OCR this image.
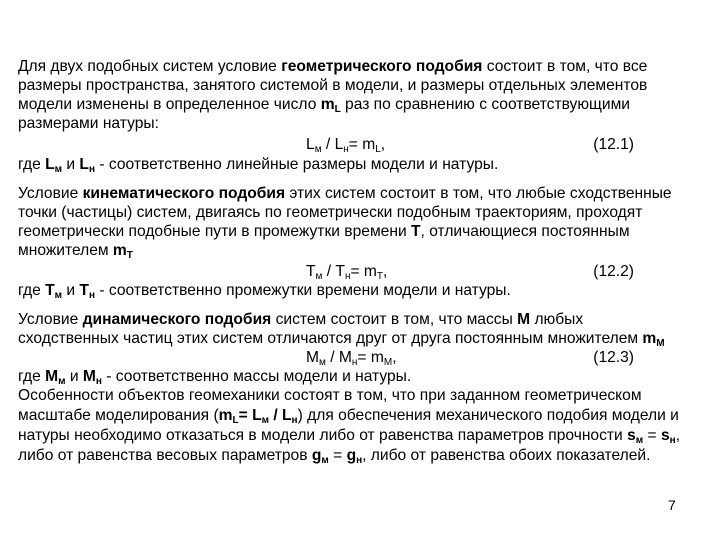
Для двух подобных систем условие геометрического подобия состоит в том, что все
размеры пространства, занятого системой в модели, и размеры отдельных элементов
модели изменены в определенное число $m_L$ раз по сравнению с соответствующими
размерами натуры:
$L_м / L_н= m_L$,	(12.1)
где $L_м$ и $L_н$ - соответственно линейные размеры модели и натуры.
Условие кинематического подобия этих систем состоит в том, что любые сходственные
точки (частицы) систем, двигаясь по геометрически подобным траекториям, проходят
геометрически подобные пути в промежутки времени T, отличающиеся постоянным
множителем $m_T$
$T_м / T_н= m_T$,	(12.2)
где $T_м$ и $T_н$ - соответственно промежутки времени модели и натуры.
Условие динамического подобия систем состоит в том, что массы M любых
сходственных частиц этих систем отличаются друг от друга постоянным множителем $m_M$
$M_м / M_н= m_M$,	(12.3)
где $M_м$ и $M_н$ - соответственно массы модели и натуры.
Особенности объектов геомеханики состоят в том, что при заданном геометрическом
масштабе моделирования $(m_L= L_м / L_н)$ для обеспечения механического подобия модели и
натуры необходимо отказаться в модели либо от равенства параметров прочности $s_м = s_н$,
либо от равенства весовых параметров $g_м = g_н$, либо от равенства обоих показателей.
7
